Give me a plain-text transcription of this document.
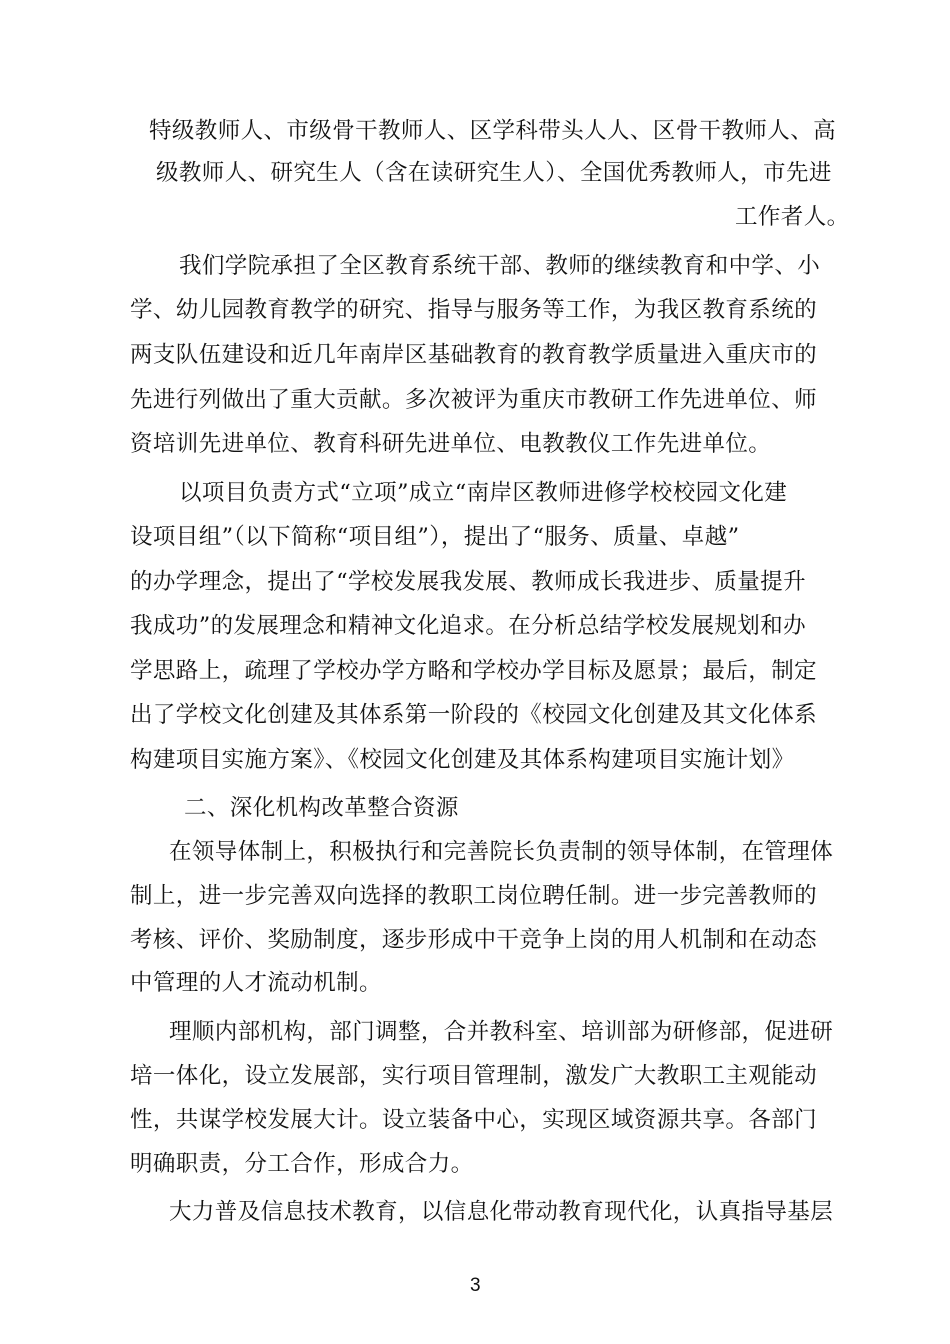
特级教师人、市级骨干教师人、区学科带头人人、区骨干教师人、高
级教师人、研究生人（含在读研究生人）、全国优秀教师人，市先进
工作者人。
我们学院承担了全区教育系统干部、教师的继续教育和中学、小
学、幼儿园教育教学的研究、指导与服务等工作，为我区教育系统的
两支队伍建设和近几年南岸区基础教育的教育教学质量进入重庆市的
先进行列做出了重大贡献。多次被评为重庆市教研工作先进单位、师
资培训先进单位、教育科研先进单位、电教教仪工作先进单位。
以项目负责方式“立项”成立“南岸区教师进修学校校园文化建
设项目组”（以下简称“项目组”），提出了“服务、质量、卓越”
的办学理念，提出了“学校发展我发展、教师成长我进步、质量提升
我成功”的发展理念和精神文化追求。在分析总结学校发展规划和办
学思路上，疏理了学校办学方略和学校办学目标及愿景；最后，制定
出了学校文化创建及其体系第一阶段的《校园文化创建及其文化体系
构建项目实施方案》、《校园文化创建及其体系构建项目实施计划》
二、深化机构改革整合资源
在领导体制上，积极执行和完善院长负责制的领导体制，在管理体
制上，进一步完善双向选择的教职工岗位聘任制。进一步完善教师的
考核、评价、奖励制度，逐步形成中干竞争上岗的用人机制和在动态
中管理的人才流动机制。
理顺内部机构，部门调整，合并教科室、培训部为研修部，促进研
培一体化，设立发展部，实行项目管理制，激发广大教职工主观能动
性，共谋学校发展大计。设立装备中心，实现区域资源共享。各部门
明确职责，分工合作，形成合力。
大力普及信息技术教育，以信息化带动教育现代化，认真指导基层
3
